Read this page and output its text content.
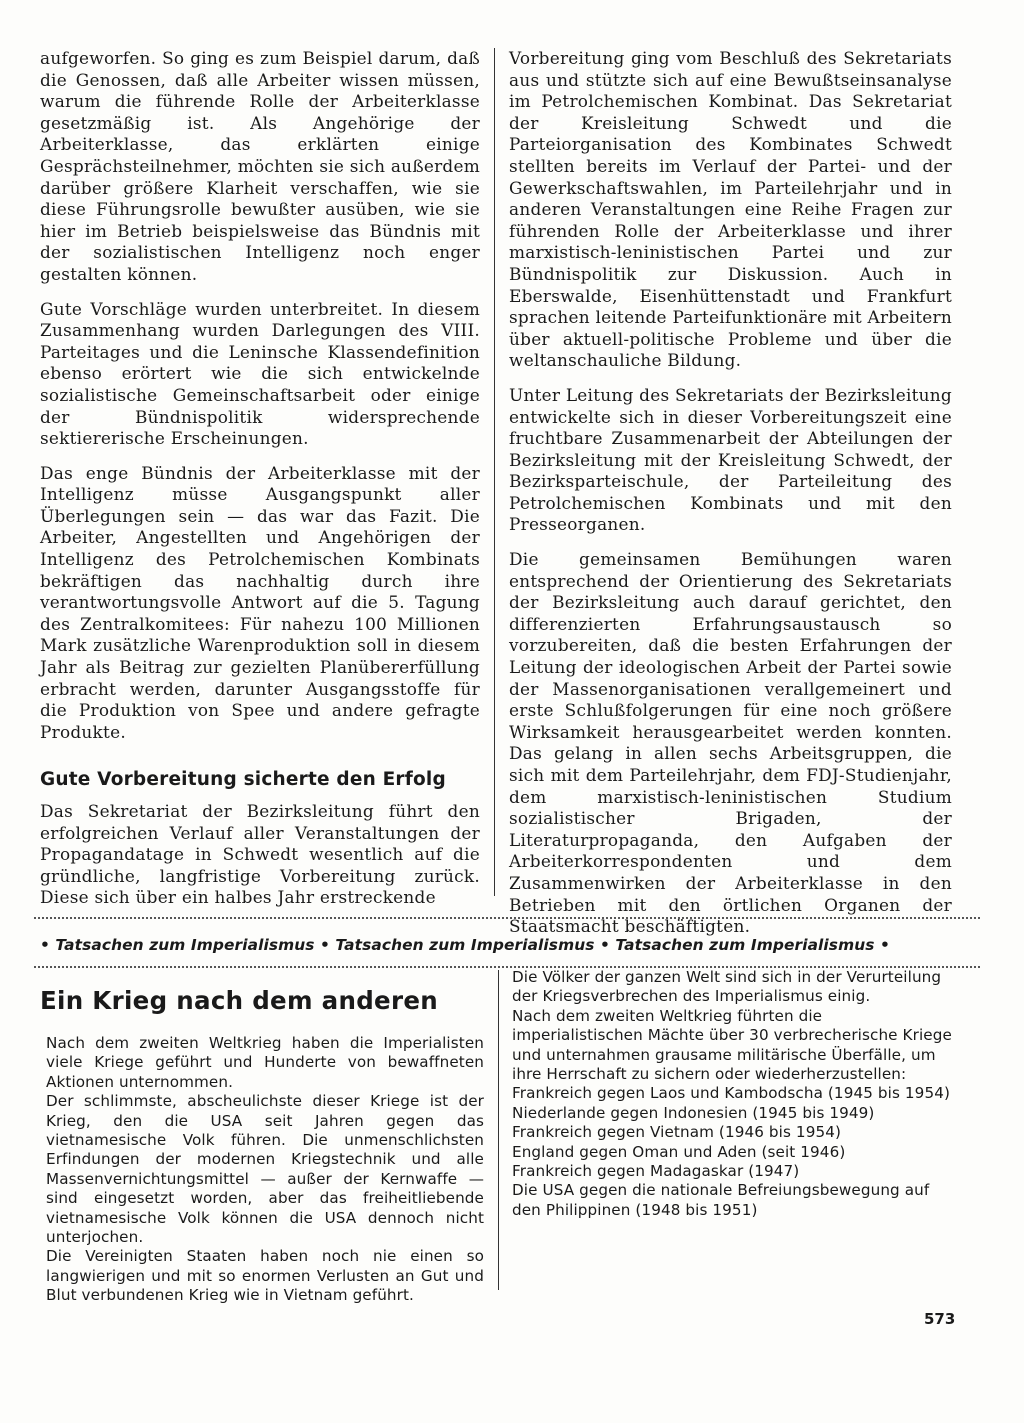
aufgeworfen. So ging es zum Beispiel darum, daß die Genossen, daß alle Arbeiter wissen müssen, warum die führende Rolle der Arbeiterklasse gesetzmäßig ist. Als Angehörige der Arbeiterklasse, das erklärten einige Gesprächsteilnehmer, möchten sie sich außerdem darüber größere Klarheit verschaffen, wie sie diese Führungsrolle bewußter ausüben, wie sie hier im Betrieb beispielsweise das Bündnis mit der sozialistischen Intelligenz noch enger gestalten können.

Gute Vorschläge wurden unterbreitet. In diesem Zusammenhang wurden Darlegungen des VIII. Parteitages und die Leninsche Klassendefinition ebenso erörtert wie die sich entwickelnde sozialistische Gemeinschaftsarbeit oder einige der Bündnispolitik widersprechende sektiererische Erscheinungen.

Das enge Bündnis der Arbeiterklasse mit der Intelligenz müsse Ausgangspunkt aller Überlegungen sein — das war das Fazit. Die Arbeiter, Angestellten und Angehörigen der Intelligenz des Petrolchemischen Kombinats bekräftigen das nachhaltig durch ihre verantwortungsvolle Antwort auf die 5. Tagung des Zentralkomitees: Für nahezu 100 Millionen Mark zusätzliche Warenproduktion soll in diesem Jahr als Beitrag zur gezielten Planübererfüllung erbracht werden, darunter Ausgangsstoffe für die Produktion von Spee und andere gefragte Produkte.

Gute Vorbereitung sicherte den Erfolg

Das Sekretariat der Bezirksleitung führt den erfolgreichen Verlauf aller Veranstaltungen der Propagandatage in Schwedt wesentlich auf die gründliche, langfristige Vorbereitung zurück. Diese sich über ein halbes Jahr erstreckende

Vorbereitung ging vom Beschluß des Sekretariats aus und stützte sich auf eine Bewußtseinsanalyse im Petrolchemischen Kombinat. Das Sekretariat der Kreisleitung Schwedt und die Parteiorganisation des Kombinates Schwedt stellten bereits im Verlauf der Partei- und der Gewerkschaftswahlen, im Parteilehrjahr und in anderen Veranstaltungen eine Reihe Fragen zur führenden Rolle der Arbeiterklasse und ihrer marxistisch-leninistischen Partei und zur Bündnispolitik zur Diskussion. Auch in Eberswalde, Eisenhüttenstadt und Frankfurt sprachen leitende Parteifunktionäre mit Arbeitern über aktuell-politische Probleme und über die weltanschauliche Bildung.

Unter Leitung des Sekretariats der Bezirksleitung entwickelte sich in dieser Vorbereitungszeit eine fruchtbare Zusammenarbeit der Abteilungen der Bezirksleitung mit der Kreisleitung Schwedt, der Bezirksparteischule, der Parteileitung des Petrolchemischen Kombinats und mit den Presseorganen.

Die gemeinsamen Bemühungen waren entsprechend der Orientierung des Sekretariats der Bezirksleitung auch darauf gerichtet, den differenzierten Erfahrungsaustausch so vorzubereiten, daß die besten Erfahrungen der Leitung der ideologischen Arbeit der Partei sowie der Massenorganisationen verallgemeinert und erste Schlußfolgerungen für eine noch größere Wirksamkeit herausgearbeitet werden konnten. Das gelang in allen sechs Arbeitsgruppen, die sich mit dem Parteilehrjahr, dem FDJ-Studienjahr, dem marxistisch-leninistischen Studium sozialistischer Brigaden, der Literaturpropaganda, den Aufgaben der Arbeiterkorrespondenten und dem Zusammenwirken der Arbeiterklasse in den Betrieben mit den örtlichen Organen der Staatsmacht beschäftigten.

• Tatsachen zum Imperialismus • Tatsachen zum Imperialismus • Tatsachen zum Imperialismus •
Ein Krieg nach dem anderen

Nach dem zweiten Weltkrieg haben die Imperialisten viele Kriege geführt und Hunderte von bewaffneten Aktionen unternommen.

Der schlimmste, abscheulichste dieser Kriege ist der Krieg, den die USA seit Jahren gegen das vietnamesische Volk führen. Die unmenschlichsten Erfindungen der modernen Kriegstechnik und alle Massenvernichtungsmittel — außer der Kernwaffe — sind eingesetzt worden, aber das freiheitliebende vietnamesische Volk können die USA dennoch nicht unterjochen.

Die Vereinigten Staaten haben noch nie einen so langwierigen und mit so enormen Verlusten an Gut und Blut verbundenen Krieg wie in Vietnam geführt.

Die Völker der ganzen Welt sind sich in der Verurteilung der Kriegsverbrechen des Imperialismus einig.

Nach dem zweiten Weltkrieg führten die imperialistischen Mächte über 30 verbrecherische Kriege und unternahmen grausame militärische Überfälle, um ihre Herrschaft zu sichern oder wiederherzustellen:

Frankreich gegen Laos und Kambodscha (1945 bis 1954)
Niederlande gegen Indonesien (1945 bis 1949)
Frankreich gegen Vietnam (1946 bis 1954)
England gegen Oman und Aden (seit 1946)
Frankreich gegen Madagaskar (1947)
Die USA gegen die nationale Befreiungsbewegung auf den Philippinen (1948 bis 1951)
573
